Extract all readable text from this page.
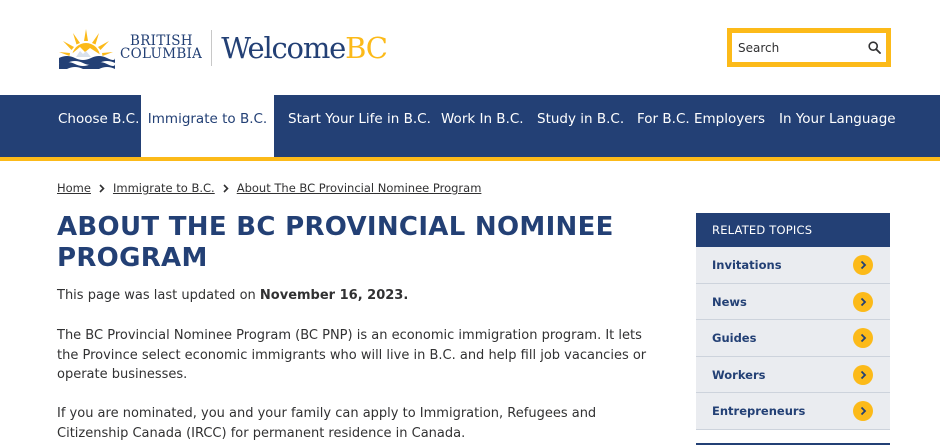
BRITISH
COLUMBIA WelcomeBC
Search
Choose B.C. Immigrate to B.C.	Start Your Life in B.C. Work In B.C. Study in B.C. For B.C. Employers In Your Language
Home Immigrate to B.C. About The BC Provincial Nominee Program
ABOUT THE BC PROVINCIAL NOMINEE PROGRAM

This page was last updated on November 16, 2023.

The BC Provincial Nominee Program (BC PNP) is an economic immigration program. It lets the Province select economic immigrants who will live in B.C. and help fill job vacancies or operate businesses.

If you are nominated, you and your family can apply to Immigration, Refugees and Citizenship Canada (IRCC) for permanent residence in Canada.

RELATED TOPICS
Invitations
News
Guides
Workers
Entrepreneurs
